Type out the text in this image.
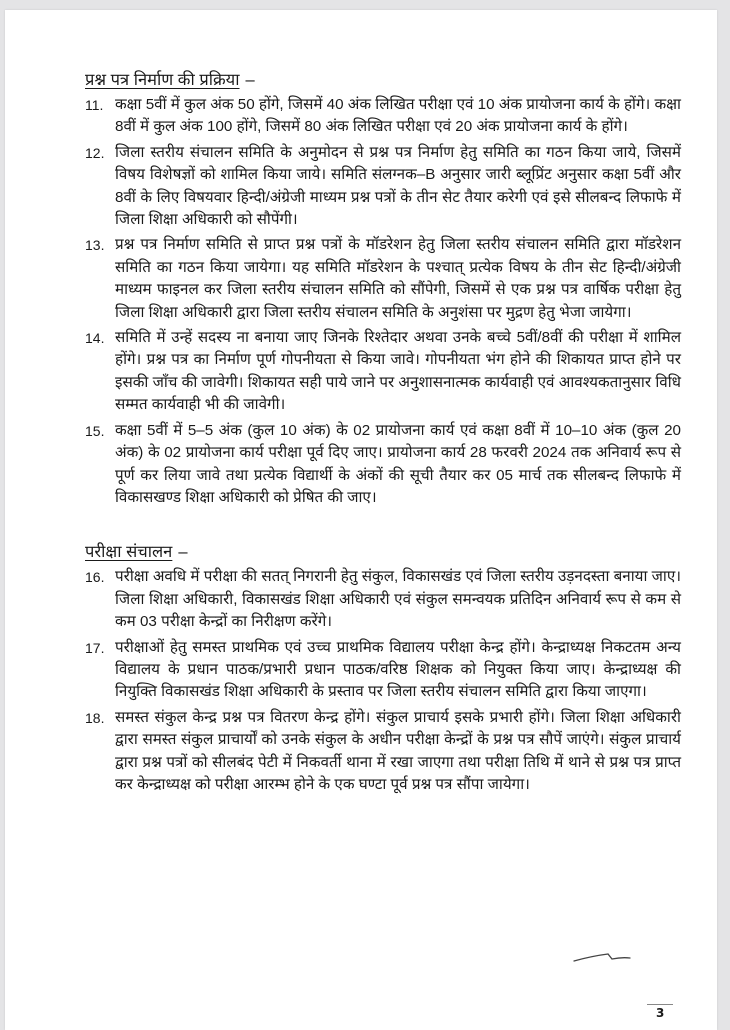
प्रश्न पत्र निर्माण की प्रक्रिया –
11. कक्षा 5वीं में कुल अंक 50 होंगे, जिसमें 40 अंक लिखित परीक्षा एवं 10 अंक प्रायोजना कार्य के होंगे। कक्षा 8वीं में कुल अंक 100 होंगे, जिसमें 80 अंक लिखित परीक्षा एवं 20 अंक प्रायोजना कार्य के होंगे।
12. जिला स्तरीय संचालन समिति के अनुमोदन से प्रश्न पत्र निर्माण हेतु समिति का गठन किया जाये, जिसमें विषय विशेषज्ञों को शामिल किया जाये। समिति संलग्नक–B अनुसार जारी ब्लूप्रिंट अनुसार कक्षा 5वीं और 8वीं के लिए विषयवार हिन्दी/अंग्रेजी माध्यम प्रश्न पत्रों के तीन सेट तैयार करेगी एवं इसे सीलबन्द लिफाफे में जिला शिक्षा अधिकारी को सौपेंगी।
13. प्रश्न पत्र निर्माण समिति से प्राप्त प्रश्न पत्रों के मॉडरेशन हेतु जिला स्तरीय संचालन समिति द्वारा मॉडरेशन समिति का गठन किया जायेगा। यह समिति मॉडरेशन के पश्चात् प्रत्येक विषय के तीन सेट हिन्दी/अंग्रेजी माध्यम फाइनल कर जिला स्तरीय संचालन समिति को सौंपेगी, जिसमें से एक प्रश्न पत्र वार्षिक परीक्षा हेतु जिला शिक्षा अधिकारी द्वारा जिला स्तरीय संचालन समिति के अनुशंसा पर मुद्रण हेतु भेजा जायेगा।
14. समिति में उन्हें सदस्य ना बनाया जाए जिनके रिश्तेदार अथवा उनके बच्चे 5वीं/8वीं की परीक्षा में शामिल होंगे। प्रश्न पत्र का निर्माण पूर्ण गोपनीयता से किया जावे। गोपनीयता भंग होने की शिकायत प्राप्त होने पर इसकी जाँच की जावेगी। शिकायत सही पाये जाने पर अनुशासनात्मक कार्यवाही एवं आवश्यकतानुसार विधि सम्मत कार्यवाही भी की जावेगी।
15. कक्षा 5वीं में 5–5 अंक (कुल 10 अंक) के 02 प्रायोजना कार्य एवं कक्षा 8वीं में 10–10 अंक (कुल 20 अंक) के 02 प्रायोजना कार्य परीक्षा पूर्व दिए जाए। प्रायोजना कार्य 28 फरवरी 2024 तक अनिवार्य रूप से पूर्ण कर लिया जावे तथा प्रत्येक विद्यार्थी के अंकों की सूची तैयार कर 05 मार्च तक सीलबन्द लिफाफे में विकासखण्ड शिक्षा अधिकारी को प्रेषित की जाए।
परीक्षा संचालन –
16. परीक्षा अवधि में परीक्षा की सतत् निगरानी हेतु संकुल, विकासखंड एवं जिला स्तरीय उड़नदस्ता बनाया जाए। जिला शिक्षा अधिकारी, विकासखंड शिक्षा अधिकारी एवं संकुल समन्वयक प्रतिदिन अनिवार्य रूप से कम से कम 03 परीक्षा केन्द्रों का निरीक्षण करेंगे।
17. परीक्षाओं हेतु समस्त प्राथमिक एवं उच्च प्राथमिक विद्यालय परीक्षा केन्द्र होंगे। केन्द्राध्यक्ष निकटतम अन्य विद्यालय के प्रधान पाठक/प्रभारी प्रधान पाठक/वरिष्ठ शिक्षक को नियुक्त किया जाए। केन्द्राध्यक्ष की नियुक्ति विकासखंड शिक्षा अधिकारी के प्रस्ताव पर जिला स्तरीय संचालन समिति द्वारा किया जाएगा।
18. समस्त संकुल केन्द्र प्रश्न पत्र वितरण केन्द्र होंगे। संकुल प्राचार्य इसके प्रभारी होंगे। जिला शिक्षा अधिकारी द्वारा समस्त संकुल प्राचार्यों को उनके संकुल के अधीन परीक्षा केन्द्रों के प्रश्न पत्र सौपें जाएंगे। संकुल प्राचार्य द्वारा प्रश्न पत्रों को सीलबंद पेटी में निकवर्ती थाना में रखा जाएगा तथा परीक्षा तिथि में थाने से प्रश्न पत्र प्राप्त कर केन्द्राध्यक्ष को परीक्षा आरम्भ होने के एक घण्टा पूर्व प्रश्न पत्र सौंपा जायेगा।
3
